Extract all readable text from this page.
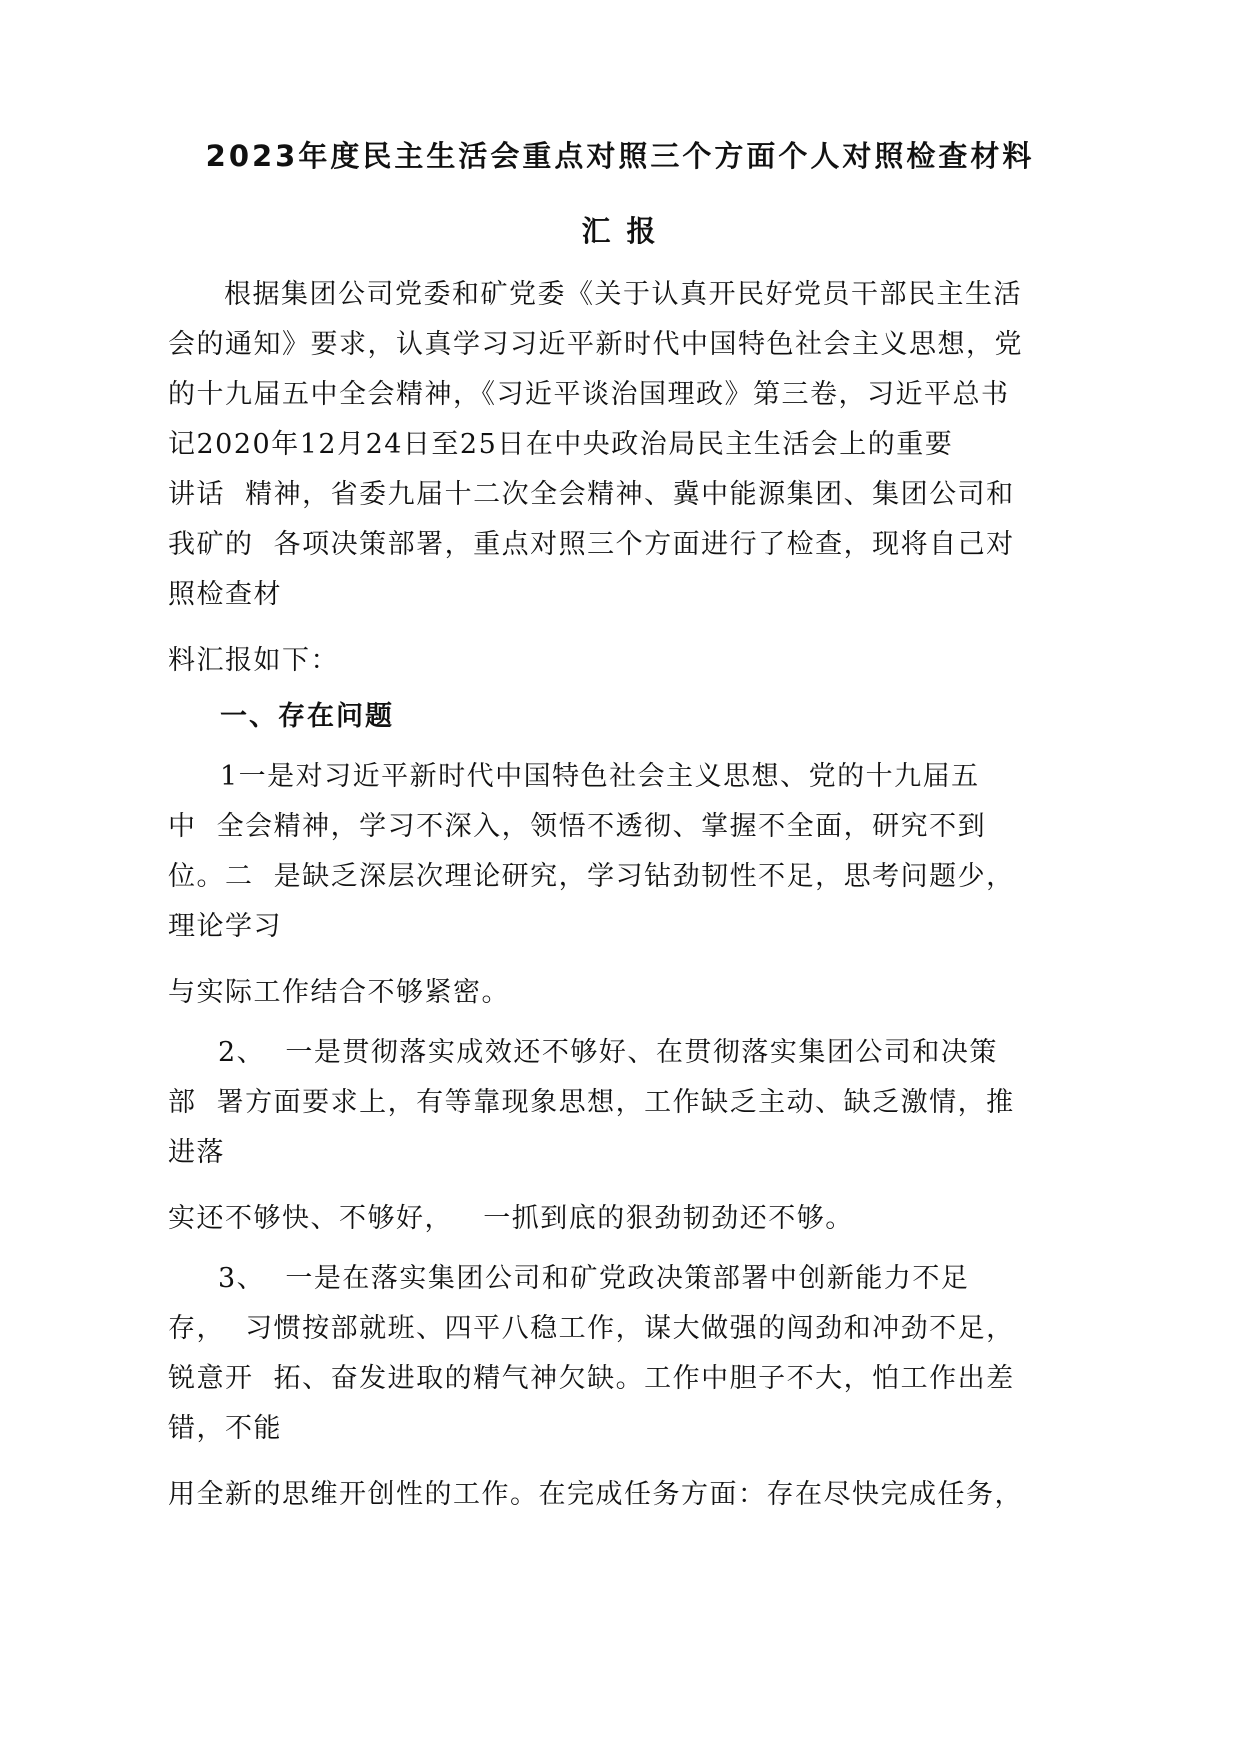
2023年度民主生活会重点对照三个方面个人对照检查材料
汇 报
根据集团公司党委和矿党委《关于认真开民好党员干部民主生活
会的通知》要求，认真学习习近平新时代中国特色社会主义思想，党
的十九届五中全会精神，《习近平谈治国理政》第三卷，习近平总书
记2020年12月24日至25日在中央政治局民主生活会上的重要
讲话  精神，省委九届十二次全会精神、冀中能源集团、集团公司和
我矿的  各项决策部署，重点对照三个方面进行了检查，现将自己对
照检查材
料汇报如下：
一、存在问题
1一是对习近平新时代中国特色社会主义思想、党的十九届五
中  全会精神，学习不深入，领悟不透彻、掌握不全面，研究不到
位。二  是缺乏深层次理论研究，学习钻劲韧性不足，思考问题少，
理论学习
与实际工作结合不够紧密。
2、  一是贯彻落实成效还不够好、在贯彻落实集团公司和决策
部  署方面要求上，有等靠现象思想，工作缺乏主动、缺乏激情，推
进落
实还不够快、不够好，   一抓到底的狠劲韧劲还不够。
3、  一是在落实集团公司和矿党政决策部署中创新能力不足
存，  习惯按部就班、四平八稳工作，谋大做强的闯劲和冲劲不足，
锐意开  拓、奋发进取的精气神欠缺。工作中胆子不大，怕工作出差
错，不能
用全新的思维开创性的工作。在完成任务方面：存在尽快完成任务，
